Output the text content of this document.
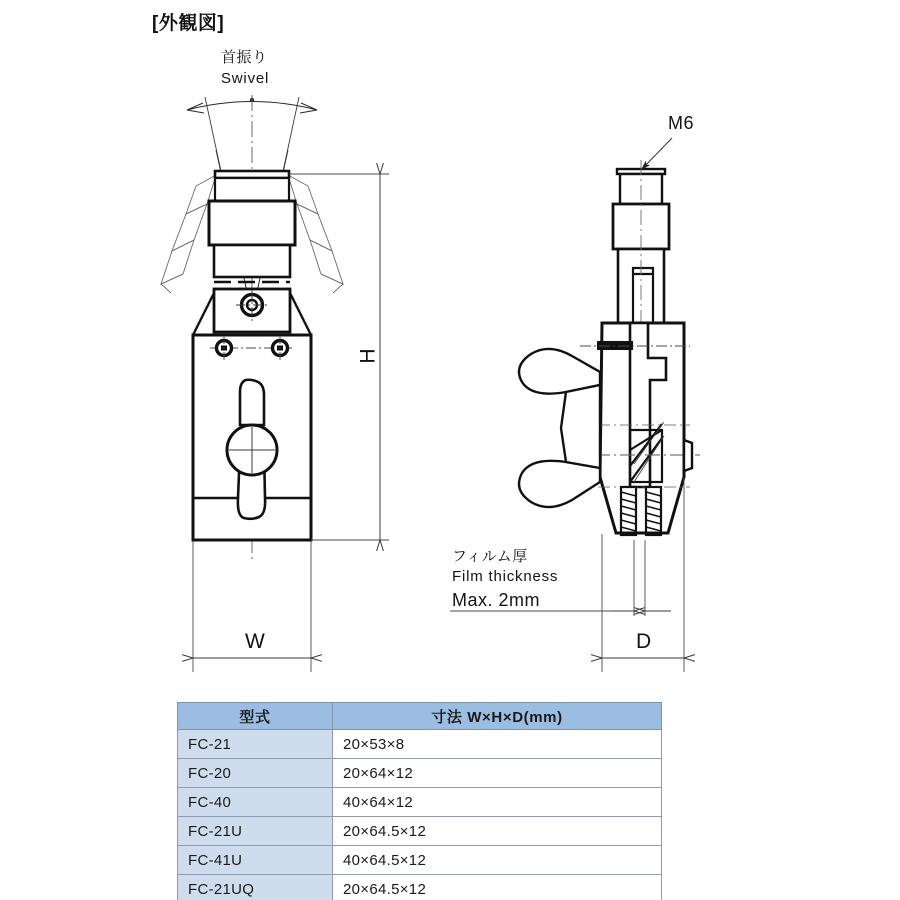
[外観図]
首振り
Swivel
M6
フィルム厚
Film thickness
Max. 2mm
H
W	D
型式	寸法 W×H×D(mm)
FC-21	20×53×8
FC-20	20×64×12
FC-40	40×64×12
FC-21U	20×64.5×12
FC-41U	40×64.5×12
FC-21UQ	20×64.5×12
